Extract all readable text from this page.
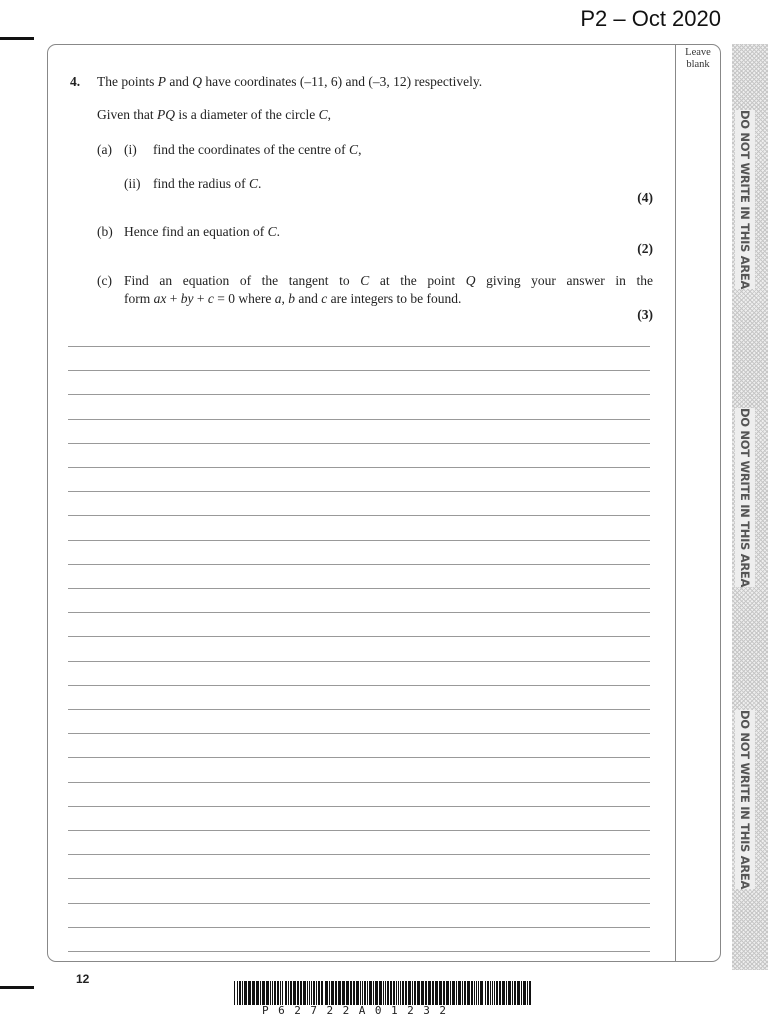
P2 – Oct 2020
Leave blank
DO NOT WRITE IN THIS AREA
DO NOT WRITE IN THIS AREA
DO NOT WRITE IN THIS AREA
4. The points P and Q have coordinates (–11, 6) and (–3, 12) respectively.
Given that PQ is a diameter of the circle C,
(a) (i) find the coordinates of the centre of C,
(ii) find the radius of C.
(4)
(b) Hence find an equation of C.
(2)
(c) Find an equation of the tangent to C at the point Q giving your answer in the
form ax + by + c = 0 where a, b and c are integers to be found.
(3)
12
P62722A01232
